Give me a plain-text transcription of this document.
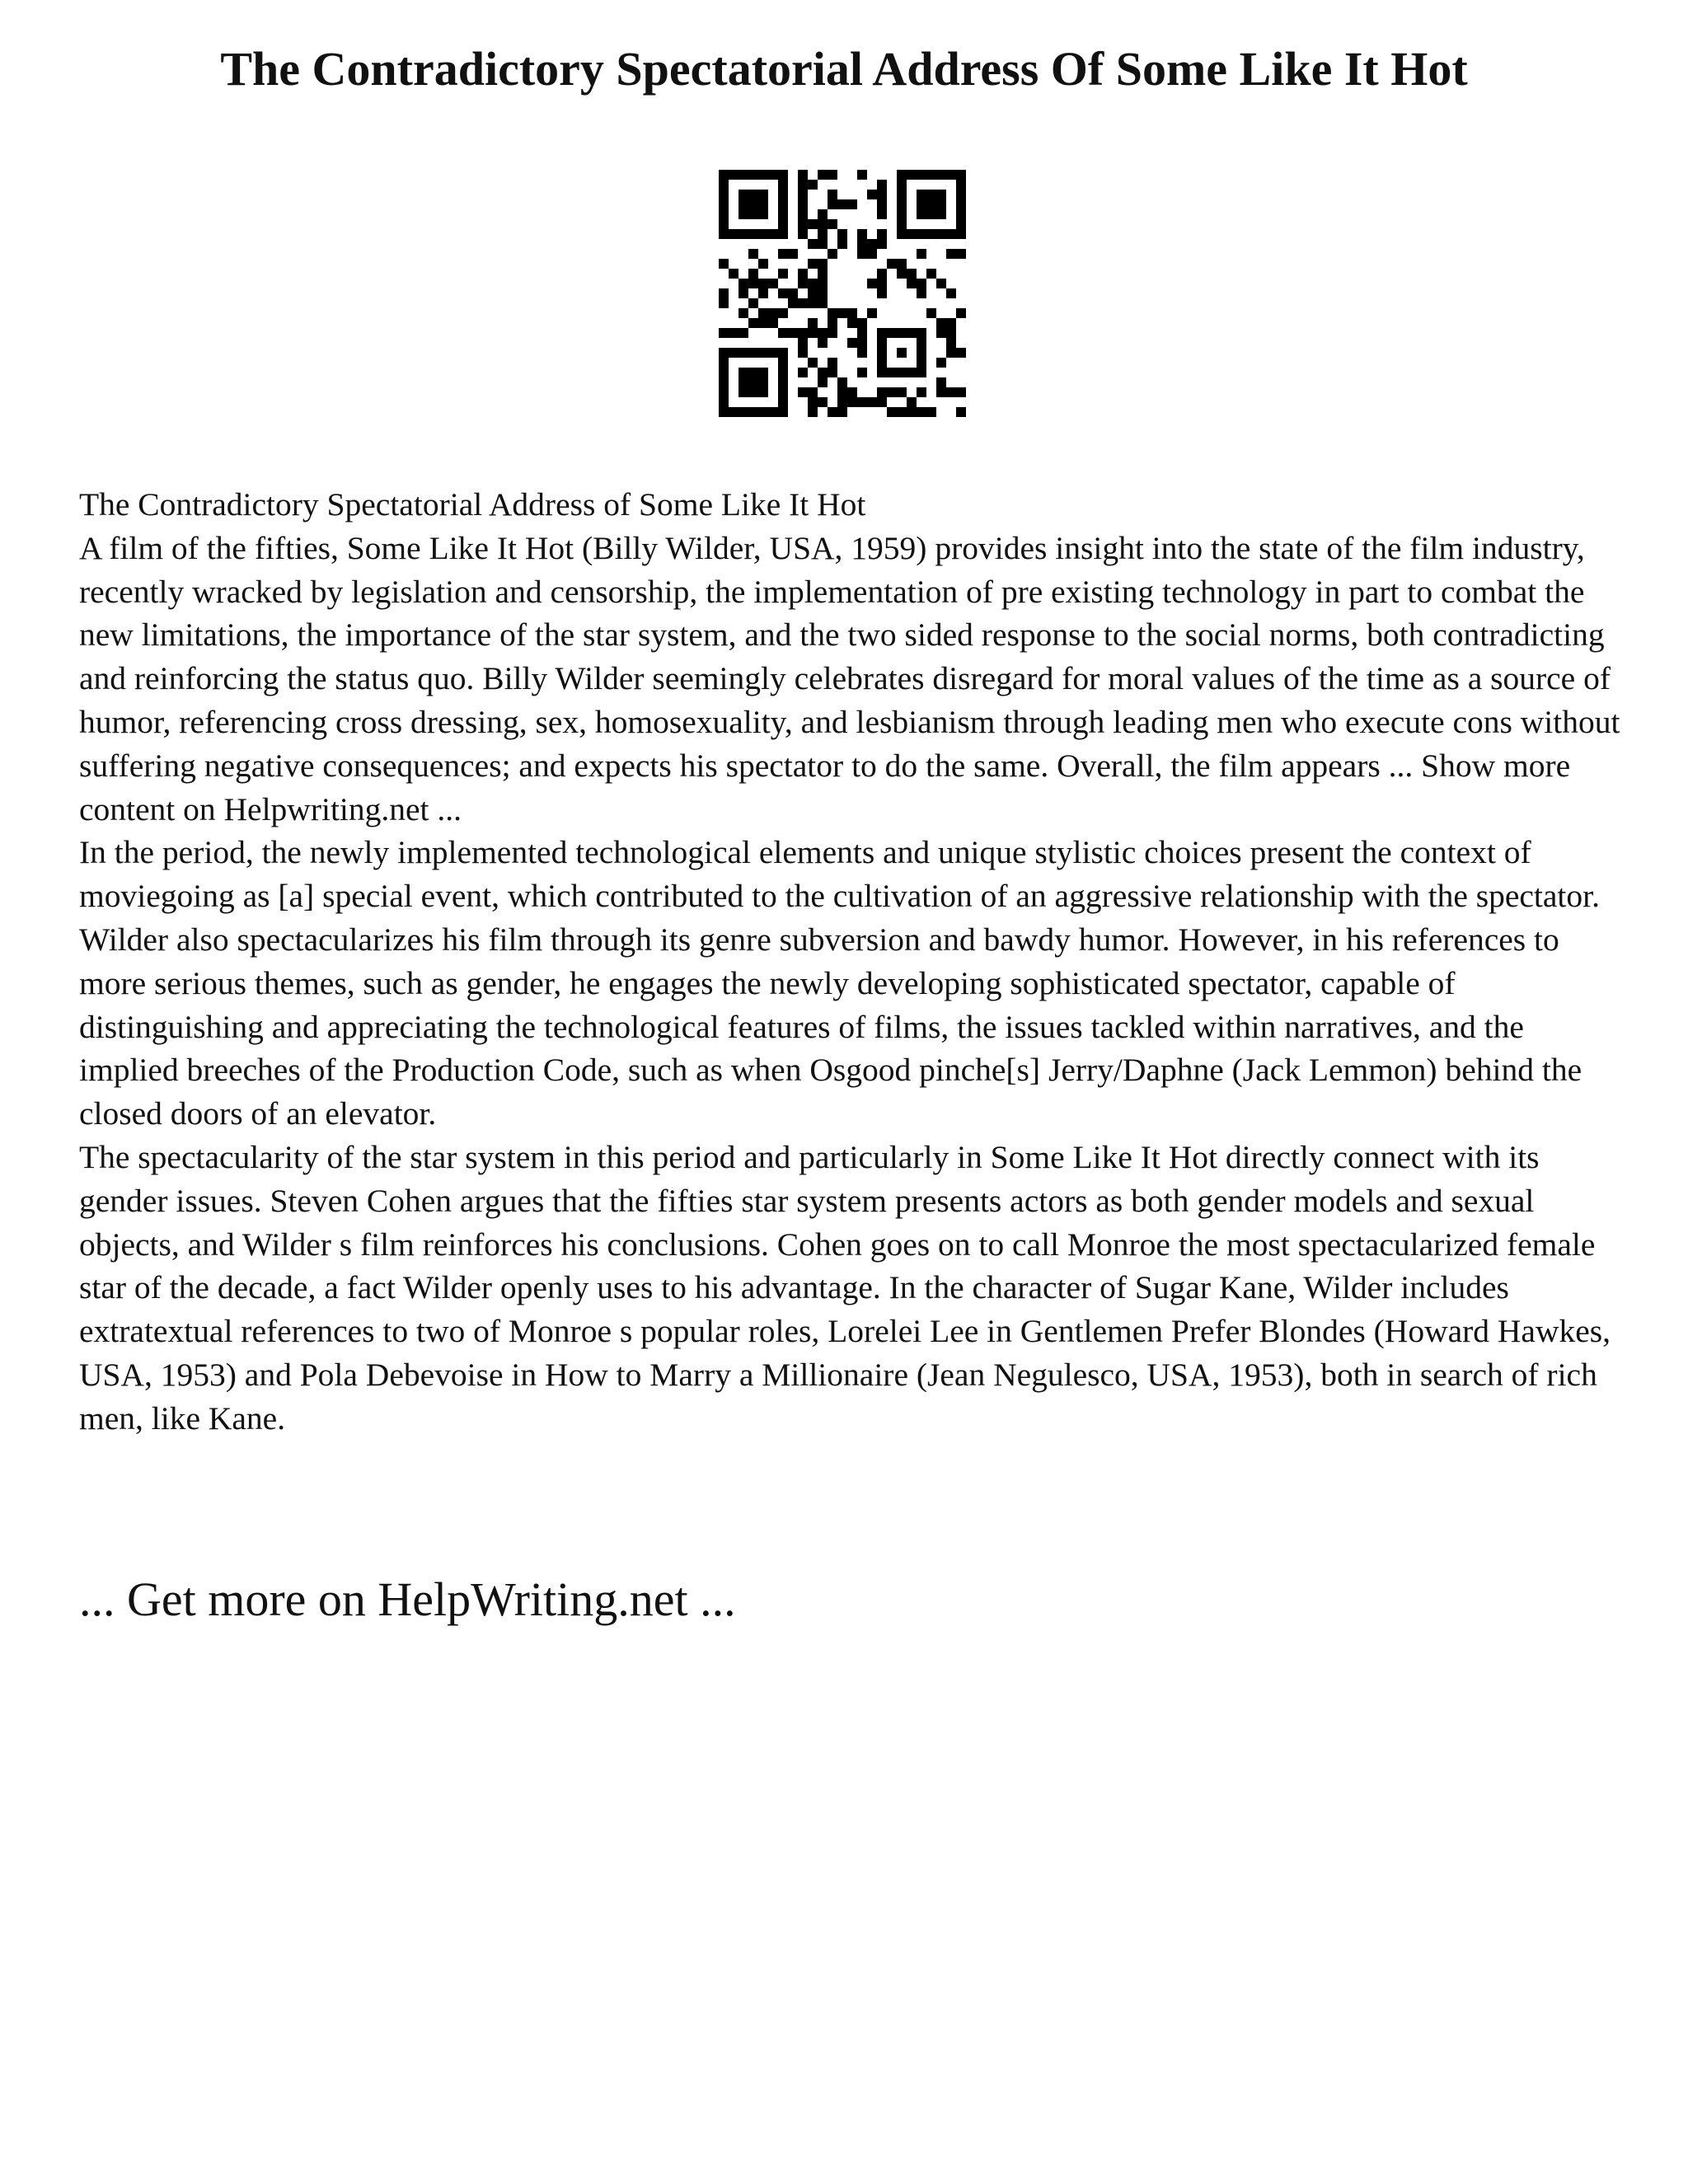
The Contradictory Spectatorial Address Of Some Like It Hot

The Contradictory Spectatorial Address of Some Like It Hot

A film of the fifties, Some Like It Hot (Billy Wilder, USA, 1959) provides insight into the state of the film industry, recently wracked by legislation and censorship, the implementation of pre existing technology in part to combat the new limitations, the importance of the star system, and the two sided response to the social norms, both contradicting and reinforcing the status quo. Billy Wilder seemingly celebrates disregard for moral values of the time as a source of humor, referencing cross dressing, sex, homosexuality, and lesbianism through leading men who execute cons without suffering negative consequences; and expects his spectator to do the same. Overall, the film appears ... Show more content on Helpwriting.net ...

In the period, the newly implemented technological elements and unique stylistic choices present the context of moviegoing as [a] special event, which contributed to the cultivation of an aggressive relationship with the spectator. Wilder also spectacularizes his film through its genre subversion and bawdy humor. However, in his references to more serious themes, such as gender, he engages the newly developing sophisticated spectator, capable of distinguishing and appreciating the technological features of films, the issues tackled within narratives, and the implied breeches of the Production Code, such as when Osgood pinche[s] Jerry/Daphne (Jack Lemmon) behind the closed doors of an elevator.

The spectacularity of the star system in this period and particularly in Some Like It Hot directly connect with its gender issues. Steven Cohen argues that the fifties star system presents actors as both gender models and sexual objects, and Wilder s film reinforces his conclusions. Cohen goes on to call Monroe the most spectacularized female star of the decade, a fact Wilder openly uses to his advantage. In the character of Sugar Kane, Wilder includes extratextual references to two of Monroe s popular roles, Lorelei Lee in Gentlemen Prefer Blondes (Howard Hawkes, USA, 1953) and Pola Debevoise in How to Marry a Millionaire (Jean Negulesco, USA, 1953), both in search of rich men, like Kane.

... Get more on HelpWriting.net ...
